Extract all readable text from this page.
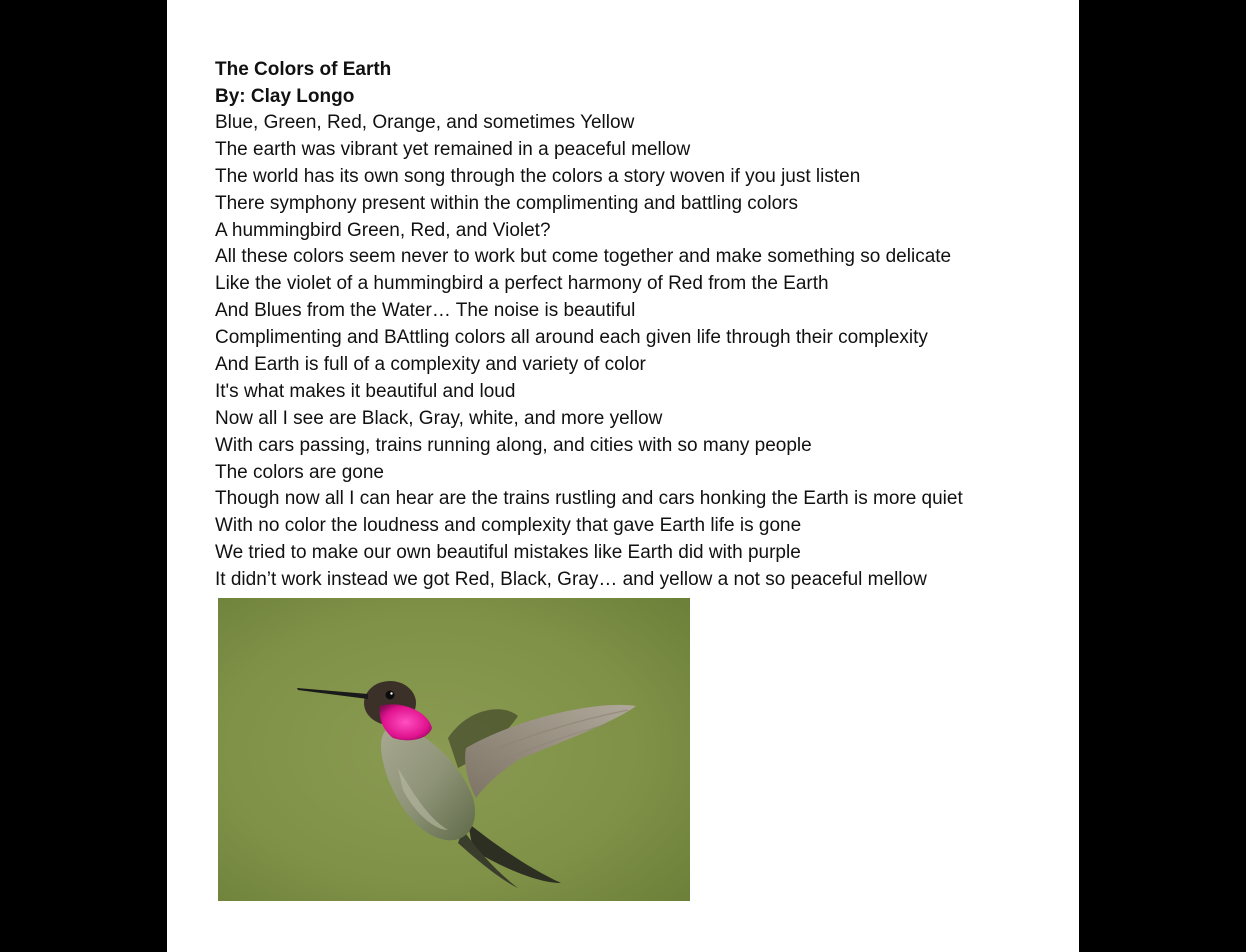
The Colors of Earth
By: Clay Longo
Blue, Green, Red, Orange, and sometimes Yellow
The earth was vibrant yet remained in a peaceful mellow
The world has its own song through the colors a story woven if you just listen
There symphony present within the complimenting and battling colors
A hummingbird Green, Red, and Violet?
All these colors seem never to work but come together and make something so delicate
Like the violet of a hummingbird a perfect harmony of Red from the Earth
And Blues from the Water… The noise is beautiful
Complimenting and BAttling colors all around each given life through their complexity
And Earth is full of a complexity and variety of color
It's what makes it beautiful and loud
Now all I see are Black, Gray, white, and more yellow
With cars passing, trains running along, and cities with so many people
The colors are gone
Though now all I can hear are the trains rustling and cars honking the Earth is more quiet
With no color the loudness and complexity that gave Earth life is gone
We tried to make our own beautiful mistakes like Earth did with purple
It didn’t work instead we got Red, Black, Gray… and yellow a not so peaceful mellow
